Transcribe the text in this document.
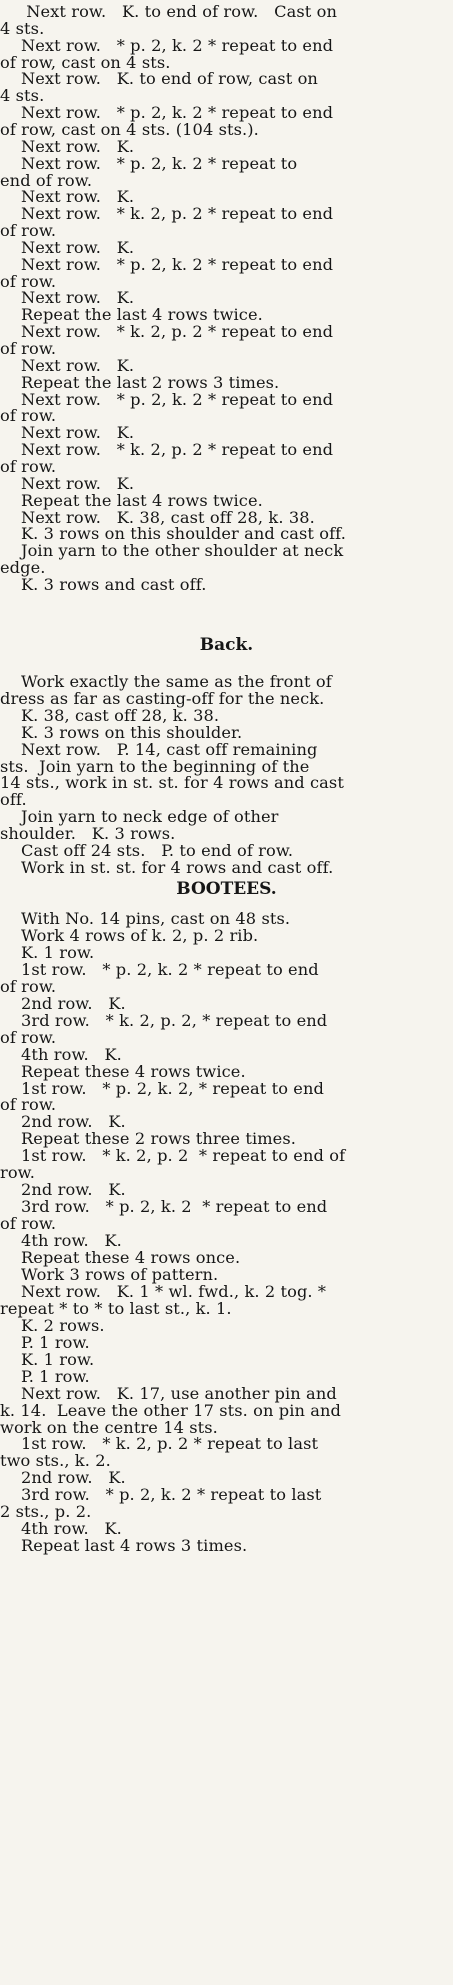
Next row.   K. to end of row.   Cast on
4 sts.
Next row.   * p. 2, k. 2 * repeat to end
of row, cast on 4 sts.
Next row.   K. to end of row, cast on
4 sts.
Next row.   * p. 2, k. 2 * repeat to end
of row, cast on 4 sts. (104 sts.).
Next row.   K.
Next row.   * p. 2, k. 2 * repeat to
end of row.
Next row.   K.
Next row.   * k. 2, p. 2 * repeat to end
of row.
Next row.   K.
Next row.   * p. 2, k. 2 * repeat to end
of row.
Next row.   K.
Repeat the last 4 rows twice.
Next row.   * k. 2, p. 2 * repeat to end
of row.
Next row.   K.
Repeat the last 2 rows 3 times.
Next row.   * p. 2, k. 2 * repeat to end
of row.
Next row.   K.
Next row.   * k. 2, p. 2 * repeat to end
of row.
Next row.   K.
Repeat the last 4 rows twice.
Next row.   K. 38, cast off 28, k. 38.
K. 3 rows on this shoulder and cast off.
Join yarn to the other shoulder at neck
edge.
K. 3 rows and cast off.
Back.
Work exactly the same as the front of
dress as far as casting-off for the neck.
K. 38, cast off 28, k. 38.
K. 3 rows on this shoulder.
Next row.   P. 14, cast off remaining
sts.  Join yarn to the beginning of the
14 sts., work in st. st. for 4 rows and cast
off.
Join yarn to neck edge of other
shoulder.   K. 3 rows.
Cast off 24 sts.   P. to end of row.
Work in st. st. for 4 rows and cast off.
BOOTEES.
With No. 14 pins, cast on 48 sts.
Work 4 rows of k. 2, p. 2 rib.
K. 1 row.
1st row.   * p. 2, k. 2 * repeat to end
of row.
2nd row.   K.
3rd row.   * k. 2, p. 2, * repeat to end
of row.
4th row.   K.
Repeat these 4 rows twice.
1st row.   * p. 2, k. 2, * repeat to end
of row.
2nd row.   K.
Repeat these 2 rows three times.
1st row.   * k. 2, p. 2  * repeat to end of
row.
2nd row.   K.
3rd row.   * p. 2, k. 2  * repeat to end
of row.
4th row.   K.
Repeat these 4 rows once.
Work 3 rows of pattern.
Next row.   K. 1 * wl. fwd., k. 2 tog. *
repeat * to * to last st., k. 1.
K. 2 rows.
P. 1 row.
K. 1 row.
P. 1 row.
Next row.   K. 17, use another pin and
k. 14.  Leave the other 17 sts. on pin and
work on the centre 14 sts.
1st row.   * k. 2, p. 2 * repeat to last
two sts., k. 2.
2nd row.   K.
3rd row.   * p. 2, k. 2 * repeat to last
2 sts., p. 2.
4th row.   K.
Repeat last 4 rows 3 times.
